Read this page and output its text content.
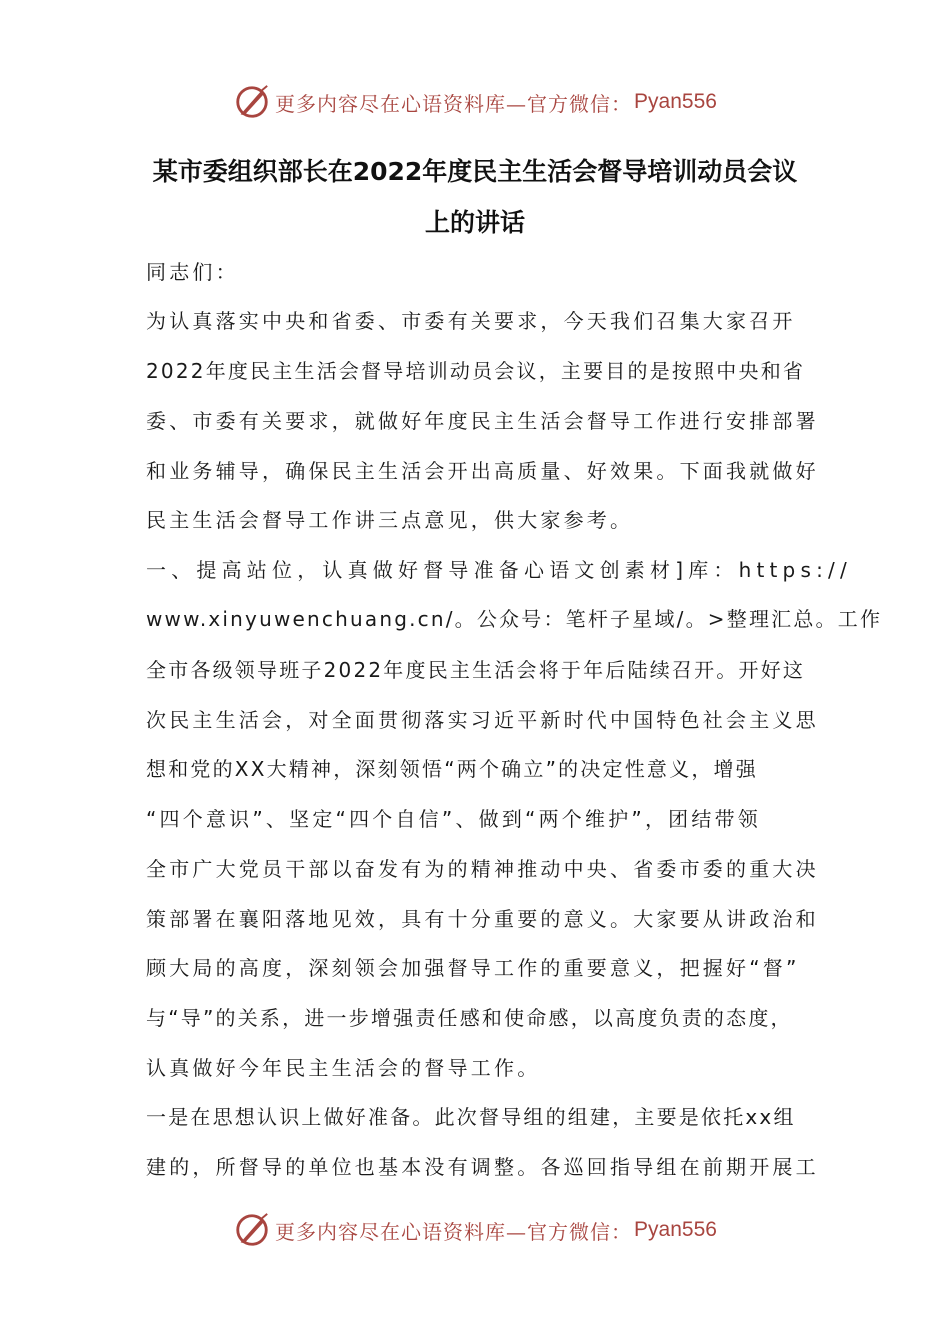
更多内容尽在心语资料库—官方微信： Pyan556
某市委组织部长在2022年度民主生活会督导培训动员会议
上的讲话
同志们：
为认真落实中央和省委、市委有关要求，今天我们召集大家召开
2022年度民主生活会督导培训动员会议，主要目的是按照中央和省
委、市委有关要求，就做好年度民主生活会督导工作进行安排部署
和业务辅导，确保民主生活会开出高质量、好效果。下面我就做好
民主生活会督导工作讲三点意见，供大家参考。
一、提高站位，认真做好督导准备心语文创素材]库：https://
www.xinyuwenchuang.cn/。公众号：笔杆子星域/。>整理汇总。工作
全市各级领导班子2022年度民主生活会将于年后陆续召开。开好这
次民主生活会，对全面贯彻落实习近平新时代中国特色社会主义思
想和党的XX大精神，深刻领悟“两个确立”的决定性意义，增强
“四个意识”、坚定“四个自信”、做到“两个维护”，团结带领
全市广大党员干部以奋发有为的精神推动中央、省委市委的重大决
策部署在襄阳落地见效，具有十分重要的意义。大家要从讲政治和
顾大局的高度，深刻领会加强督导工作的重要意义，把握好“督”
与“导”的关系，进一步增强责任感和使命感，以高度负责的态度，
认真做好今年民主生活会的督导工作。
一是在思想认识上做好准备。此次督导组的组建，主要是依托xx组
建的，所督导的单位也基本没有调整。各巡回指导组在前期开展工
更多内容尽在心语资料库—官方微信： Pyan556
